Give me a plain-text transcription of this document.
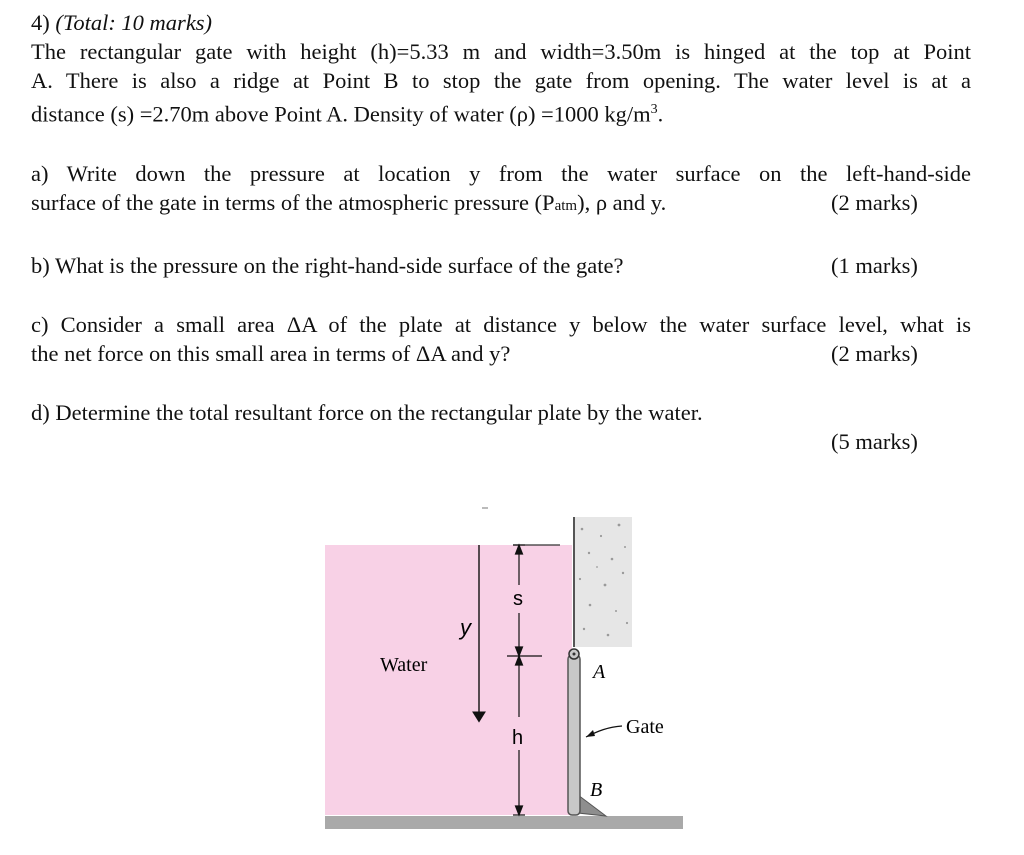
4) (Total: 10 marks)
The rectangular gate with height (h)=5.33 m and width=3.50m is hinged at the top at Point
A. There is also a ridge at Point B to stop the gate from opening. The water level is at a
distance (s) =2.70m above Point A. Density of water (ρ) =1000 $kg/m^3$.
a) Write down the pressure at location y from the water surface on the left-hand-side
surface of the gate in terms of the atmospheric pressure (Patm), ρ and y.	(2 marks)
b) What is the pressure on the right-hand-side surface of the gate?	(1 marks)
c) Consider a small area ΔA of the plate at distance y below the water surface level, what is
the net force on this small area in terms of ΔA and y?	(2 marks)
d) Determine the total resultant force on the rectangular plate by the water.
(5 marks)
Water
y
s
h
A
B
Gate
